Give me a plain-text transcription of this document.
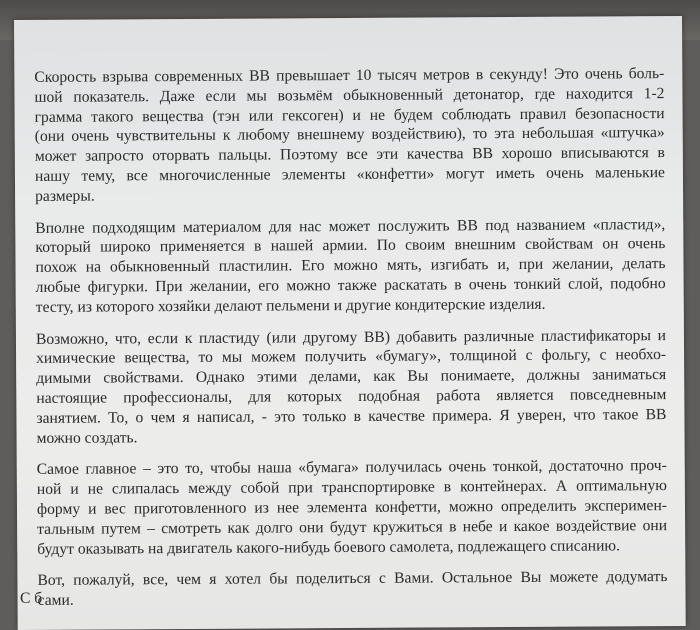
Скорость взрыва современных ВВ превышает 10 тысяч метров в секунду! Это очень боль-
шой показатель. Даже если мы возьмём обыкновенный детонатор, где находится 1-2
грамма такого вещества (тэн или гексоген) и не будем соблюдать правил безопасности
(они очень чувствительны к любому внешнему воздействию), то эта небольшая «штучка»
может запросто оторвать пальцы. Поэтому все эти качества ВВ хорошо вписываются в
нашу тему, все многочисленные элементы «конфетти» могут иметь очень маленькие
размеры.

Вполне подходящим материалом для нас может послужить ВВ под названием «пластид»,
который широко применяется в нашей армии. По своим внешним свойствам он очень
похож на обыкновенный пластилин. Его можно мять, изгибать и, при желании, делать
любые фигурки. При желании, его можно также раскатать в очень тонкий слой, подобно
тесту, из которого хозяйки делают пельмени и другие кондитерские изделия.

Возможно, что, если к пластиду (или другому ВВ) добавить различные пластификаторы и
химические вещества, то мы можем получить «бумагу», толщиной с фольгу, с необхо-
димыми свойствами. Однако этими делами, как Вы понимаете, должны заниматься
настоящие профессионалы, для которых подобная работа является повседневным
занятием. То, о чем я написал, - это только в качестве примера. Я уверен, что такое ВВ
можно создать.

Самое главное – это то, чтобы наша «бумага» получилась очень тонкой, достаточно проч-
ной и не слипалась между собой при транспортировке в контейнерах. А оптимальную
форму и вес приготовленного из нее элемента конфетти, можно определить эксперимен-
тальным путем – смотреть как долго они будут кружиться в небе и какое воздействие они
будут оказывать на двигатель какого-нибудь боевого самолета, подлежащего списанию.

Вот, пожалуй, все, чем я хотел бы поделиться с Вами. Остальное Вы можете додумать
сами.

С б
